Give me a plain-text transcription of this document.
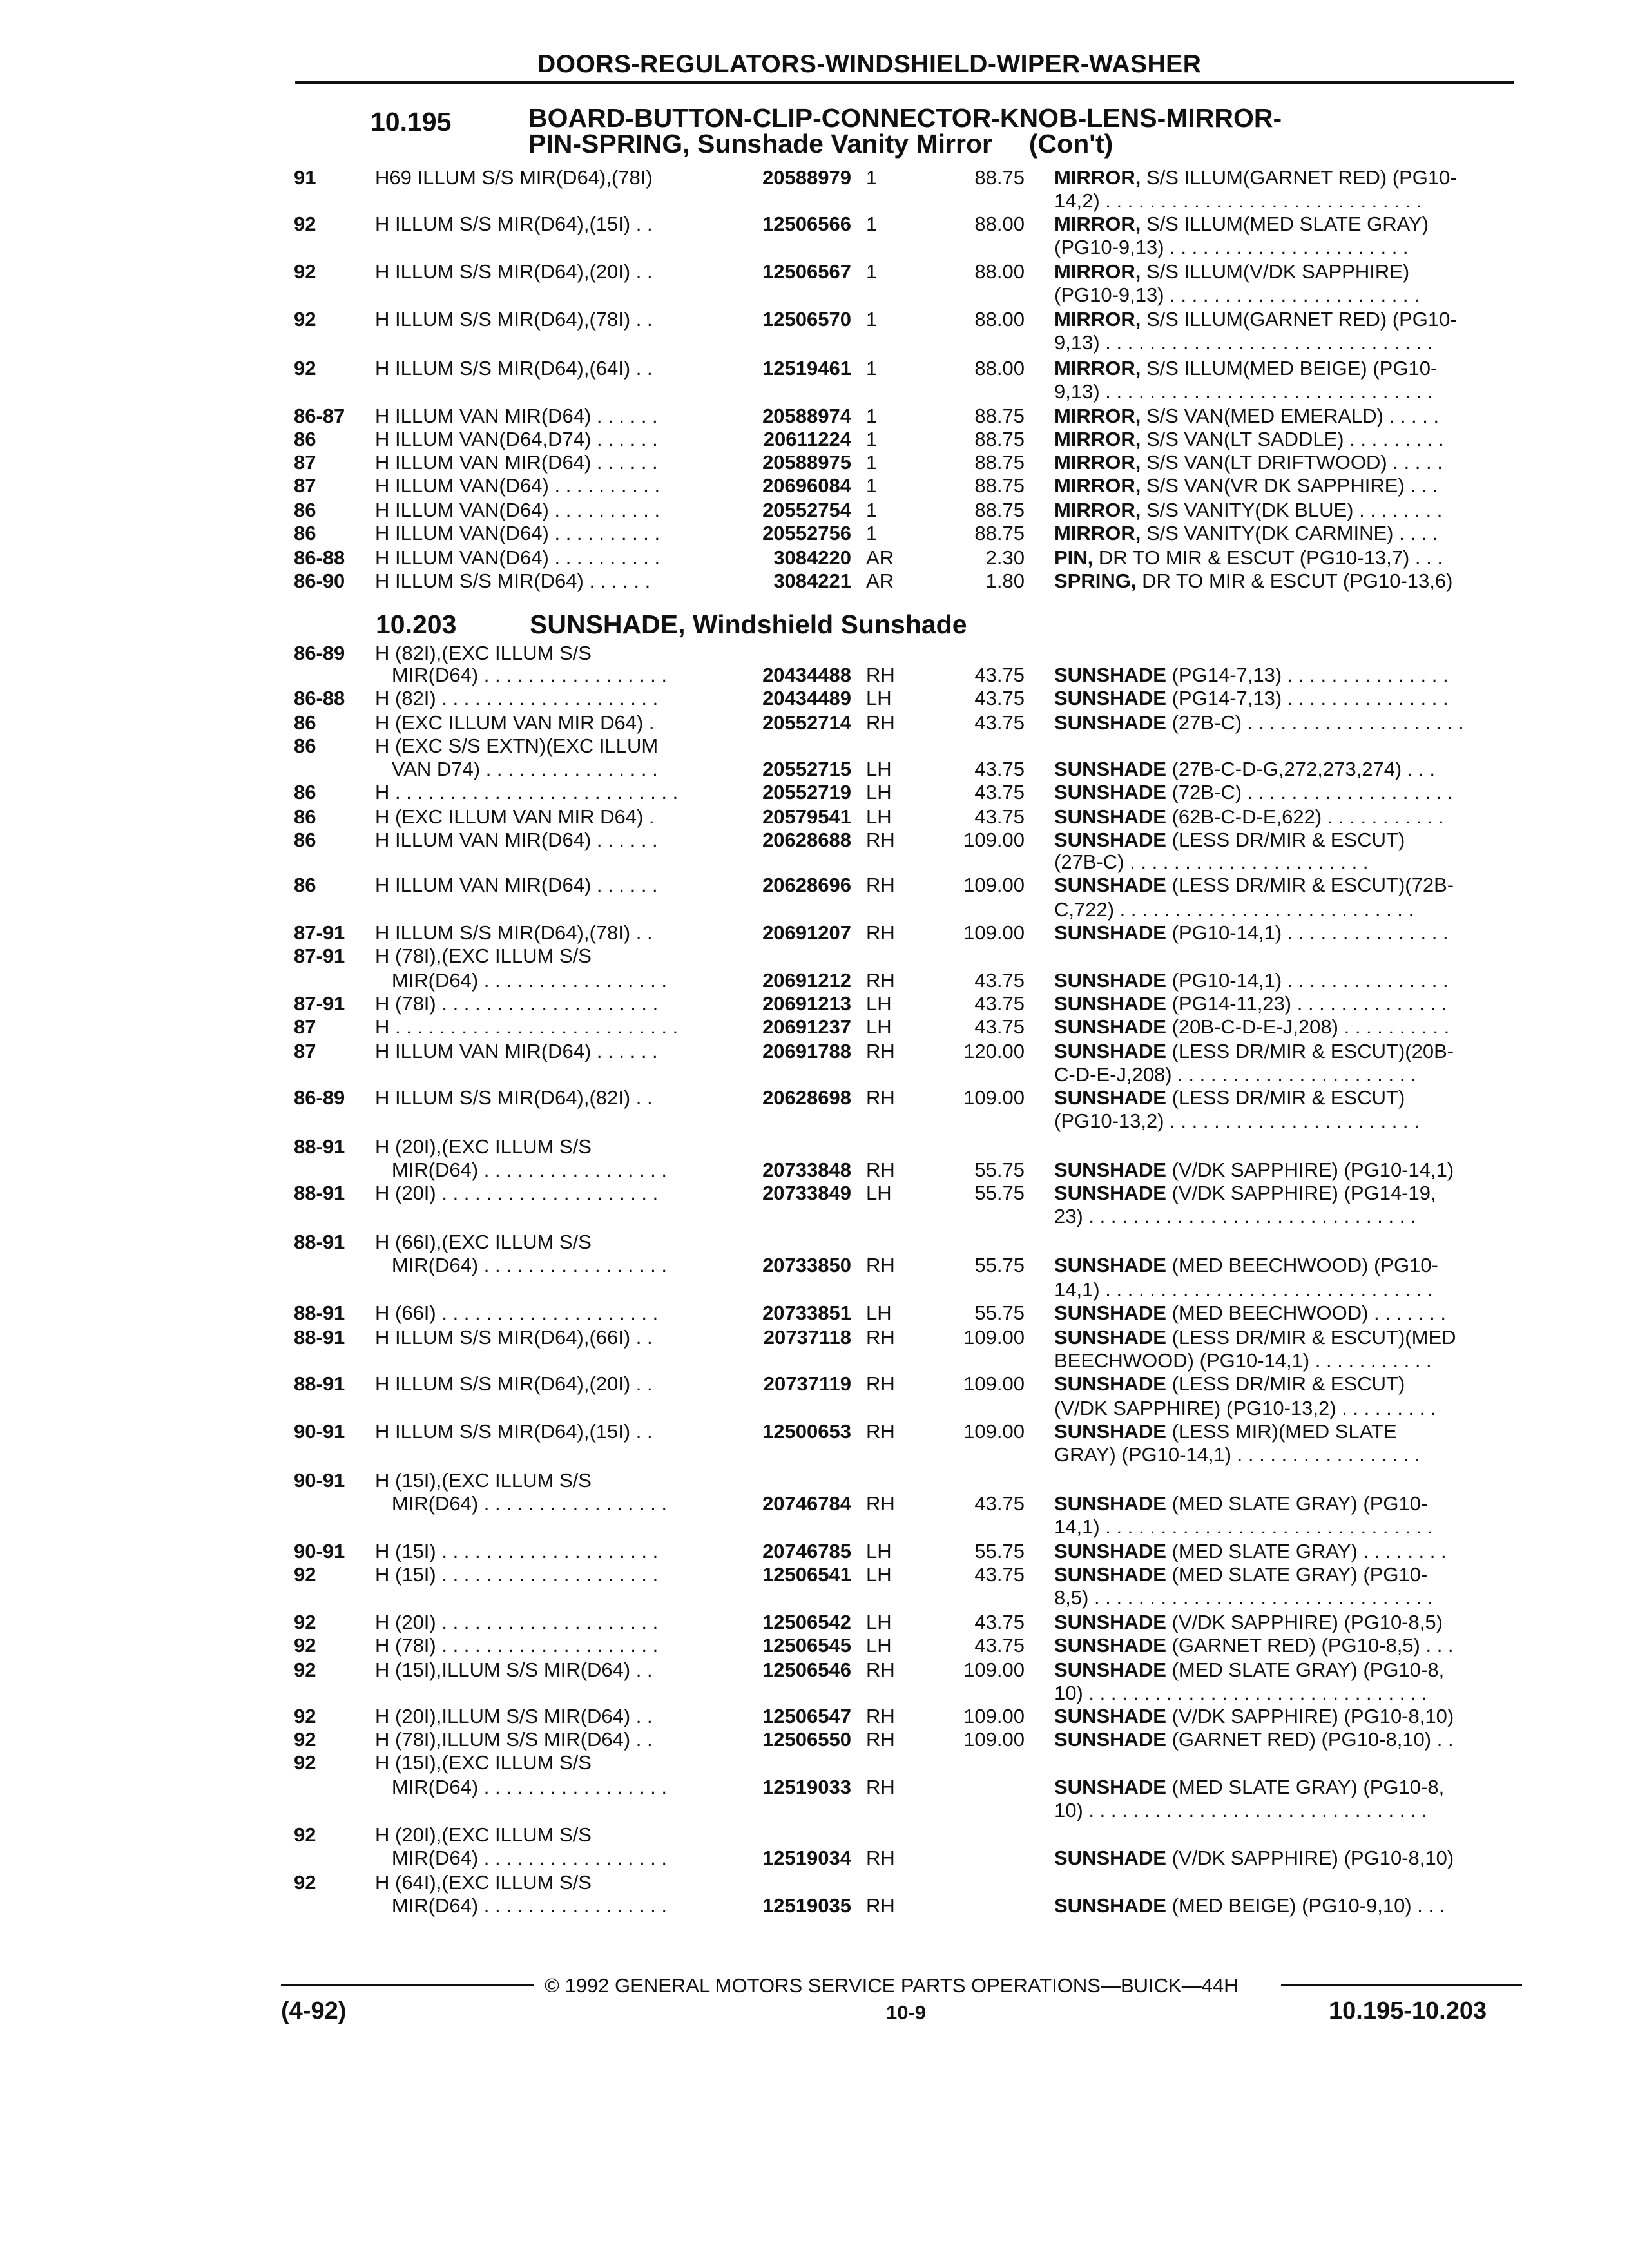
DOORS-REGULATORS-WINDSHIELD-WIPER-WASHER
10.195	BOARD-BUTTON-CLIP-CONNECTOR-KNOB-LENS-MIRROR-
PIN-SPRING, Sunshade Vanity Mirror     (Con't)
10.203	SUNSHADE, Windshield Sunshade
91	H69 ILLUM S/S MIR(D64),(78I)	20588979 1	88.75 MIRROR, S/S ILLUM(GARNET RED) (PG10-
14,2) . . . . . . . . . . . . . . . . . . . . . . . . . . . . .
92	H ILLUM S/S MIR(D64),(15I) . .	12506566 1	88.00 MIRROR, S/S ILLUM(MED SLATE GRAY)
(PG10-9,13) . . . . . . . . . . . . . . . . . . . . . .
92	H ILLUM S/S MIR(D64),(20I) . .	12506567 1	88.00 MIRROR, S/S ILLUM(V/DK SAPPHIRE)
(PG10-9,13) . . . . . . . . . . . . . . . . . . . . . . .
92	H ILLUM S/S MIR(D64),(78I) . .	12506570 1	88.00 MIRROR, S/S ILLUM(GARNET RED) (PG10-
9,13) . . . . . . . . . . . . . . . . . . . . . . . . . . . . . .
92	H ILLUM S/S MIR(D64),(64I) . .	12519461 1	88.00 MIRROR, S/S ILLUM(MED BEIGE) (PG10-
9,13) . . . . . . . . . . . . . . . . . . . . . . . . . . . . . .
86-87 H ILLUM VAN MIR(D64) . . . . . .	20588974 1	88.75 MIRROR, S/S VAN(MED EMERALD) . . . . .
86	H ILLUM VAN(D64,D74) . . . . . .	20611224 1	88.75 MIRROR, S/S VAN(LT SADDLE) . . . . . . . . .
87	H ILLUM VAN MIR(D64) . . . . . .	20588975 1	88.75 MIRROR, S/S VAN(LT DRIFTWOOD) . . . . .
87	H ILLUM VAN(D64) . . . . . . . . . .	20696084 1	88.75 MIRROR, S/S VAN(VR DK SAPPHIRE) . . .
86	H ILLUM VAN(D64) . . . . . . . . . .	20552754 1	88.75 MIRROR, S/S VANITY(DK BLUE) . . . . . . . .
86	H ILLUM VAN(D64) . . . . . . . . . .	20552756 1	88.75 MIRROR, S/S VANITY(DK CARMINE) . . . .
86-88 H ILLUM VAN(D64) . . . . . . . . . .	3084220 AR	2.30 PIN, DR TO MIR & ESCUT (PG10-13,7) . . .
86-90 H ILLUM S/S MIR(D64) . . . . . .	3084221 AR	1.80 SPRING, DR TO MIR & ESCUT (PG10-13,6)
86-89 H (82I),(EXC ILLUM S/S
MIR(D64) . . . . . . . . . . . . . . . . .	20434488 RH	43.75 SUNSHADE (PG14-7,13) . . . . . . . . . . . . . . .
86-88 H (82I) . . . . . . . . . . . . . . . . . . . .	20434489 LH	43.75 SUNSHADE (PG14-7,13) . . . . . . . . . . . . . . .
86	H (EXC ILLUM VAN MIR D64) .	20552714 RH	43.75 SUNSHADE (27B-C) . . . . . . . . . . . . . . . . . . . .
86	H (EXC S/S EXTN)(EXC ILLUM
VAN D74) . . . . . . . . . . . . . . . .	20552715 LH	43.75 SUNSHADE (27B-C-D-G,272,273,274) . . .
86	H . . . . . . . . . . . . . . . . . . . . . . . . . .	20552719 LH	43.75 SUNSHADE (72B-C) . . . . . . . . . . . . . . . . . . .
86	H (EXC ILLUM VAN MIR D64) .	20579541 LH	43.75 SUNSHADE (62B-C-D-E,622) . . . . . . . . . . .
86	H ILLUM VAN MIR(D64) . . . . . .	20628688 RH	109.00 SUNSHADE (LESS DR/MIR & ESCUT)
(27B-C) . . . . . . . . . . . . . . . . . . . . . .
86	H ILLUM VAN MIR(D64) . . . . . .	20628696 RH	109.00 SUNSHADE (LESS DR/MIR & ESCUT)(72B-
C,722) . . . . . . . . . . . . . . . . . . . . . . . . . . .
87-91 H ILLUM S/S MIR(D64),(78I) . .	20691207 RH	109.00 SUNSHADE (PG10-14,1) . . . . . . . . . . . . . . .
87-91 H (78I),(EXC ILLUM S/S
MIR(D64) . . . . . . . . . . . . . . . . .	20691212 RH	43.75 SUNSHADE (PG10-14,1) . . . . . . . . . . . . . . .
87-91 H (78I) . . . . . . . . . . . . . . . . . . . .	20691213 LH	43.75 SUNSHADE (PG14-11,23) . . . . . . . . . . . . . .
87	H . . . . . . . . . . . . . . . . . . . . . . . . . .	20691237 LH	43.75 SUNSHADE (20B-C-D-E-J,208) . . . . . . . . . .
87	H ILLUM VAN MIR(D64) . . . . . .	20691788 RH	120.00 SUNSHADE (LESS DR/MIR & ESCUT)(20B-
C-D-E-J,208) . . . . . . . . . . . . . . . . . . . . . .
86-89 H ILLUM S/S MIR(D64),(82I) . .	20628698 RH	109.00 SUNSHADE (LESS DR/MIR & ESCUT)
(PG10-13,2) . . . . . . . . . . . . . . . . . . . . . . .
88-91 H (20I),(EXC ILLUM S/S
MIR(D64) . . . . . . . . . . . . . . . . .	20733848 RH	55.75 SUNSHADE (V/DK SAPPHIRE) (PG10-14,1)
88-91 H (20I) . . . . . . . . . . . . . . . . . . . .	20733849 LH	55.75 SUNSHADE (V/DK SAPPHIRE) (PG14-19,
23) . . . . . . . . . . . . . . . . . . . . . . . . . . . . . .
88-91 H (66I),(EXC ILLUM S/S
MIR(D64) . . . . . . . . . . . . . . . . .	20733850 RH	55.75 SUNSHADE (MED BEECHWOOD) (PG10-
14,1) . . . . . . . . . . . . . . . . . . . . . . . . . . . . . .
88-91 H (66I) . . . . . . . . . . . . . . . . . . . .	20733851 LH	55.75 SUNSHADE (MED BEECHWOOD) . . . . . . .
88-91 H ILLUM S/S MIR(D64),(66I) . .	20737118 RH	109.00 SUNSHADE (LESS DR/MIR & ESCUT)(MED
BEECHWOOD) (PG10-14,1) . . . . . . . . . . .
88-91 H ILLUM S/S MIR(D64),(20I) . .	20737119 RH	109.00 SUNSHADE (LESS DR/MIR & ESCUT)
(V/DK SAPPHIRE) (PG10-13,2) . . . . . . . . .
90-91 H ILLUM S/S MIR(D64),(15I) . .	12500653 RH	109.00 SUNSHADE (LESS MIR)(MED SLATE
GRAY) (PG10-14,1) . . . . . . . . . . . . . . . . .
90-91 H (15I),(EXC ILLUM S/S
MIR(D64) . . . . . . . . . . . . . . . . .	20746784 RH	43.75 SUNSHADE (MED SLATE GRAY) (PG10-
14,1) . . . . . . . . . . . . . . . . . . . . . . . . . . . . . .
90-91 H (15I) . . . . . . . . . . . . . . . . . . . .	20746785 LH	55.75 SUNSHADE (MED SLATE GRAY) . . . . . . . .
92	H (15I) . . . . . . . . . . . . . . . . . . . .	12506541 LH	43.75 SUNSHADE (MED SLATE GRAY) (PG10-
8,5) . . . . . . . . . . . . . . . . . . . . . . . . . . . . . . .
92	H (20I) . . . . . . . . . . . . . . . . . . . .	12506542 LH	43.75 SUNSHADE (V/DK SAPPHIRE) (PG10-8,5)
92	H (78I) . . . . . . . . . . . . . . . . . . . .	12506545 LH	43.75 SUNSHADE (GARNET RED) (PG10-8,5) . . .
92	H (15I),ILLUM S/S MIR(D64) . .	12506546 RH	109.00 SUNSHADE (MED SLATE GRAY) (PG10-8,
10) . . . . . . . . . . . . . . . . . . . . . . . . . . . . . . .
92	H (20I),ILLUM S/S MIR(D64) . .	12506547 RH	109.00 SUNSHADE (V/DK SAPPHIRE) (PG10-8,10)
92	H (78I),ILLUM S/S MIR(D64) . .	12506550 RH	109.00 SUNSHADE (GARNET RED) (PG10-8,10) . .
92	H (15I),(EXC ILLUM S/S
MIR(D64) . . . . . . . . . . . . . . . . .	12519033 RH	SUNSHADE (MED SLATE GRAY) (PG10-8,
10) . . . . . . . . . . . . . . . . . . . . . . . . . . . . . . .
92	H (20I),(EXC ILLUM S/S
MIR(D64) . . . . . . . . . . . . . . . . .	12519034 RH	SUNSHADE (V/DK SAPPHIRE) (PG10-8,10)
92	H (64I),(EXC ILLUM S/S
MIR(D64) . . . . . . . . . . . . . . . . .	12519035 RH	SUNSHADE (MED BEIGE) (PG10-9,10) . . .
© 1992 GENERAL MOTORS SERVICE PARTS OPERATIONS—BUICK—44H
(4-92)	10-9	10.195-10.203
